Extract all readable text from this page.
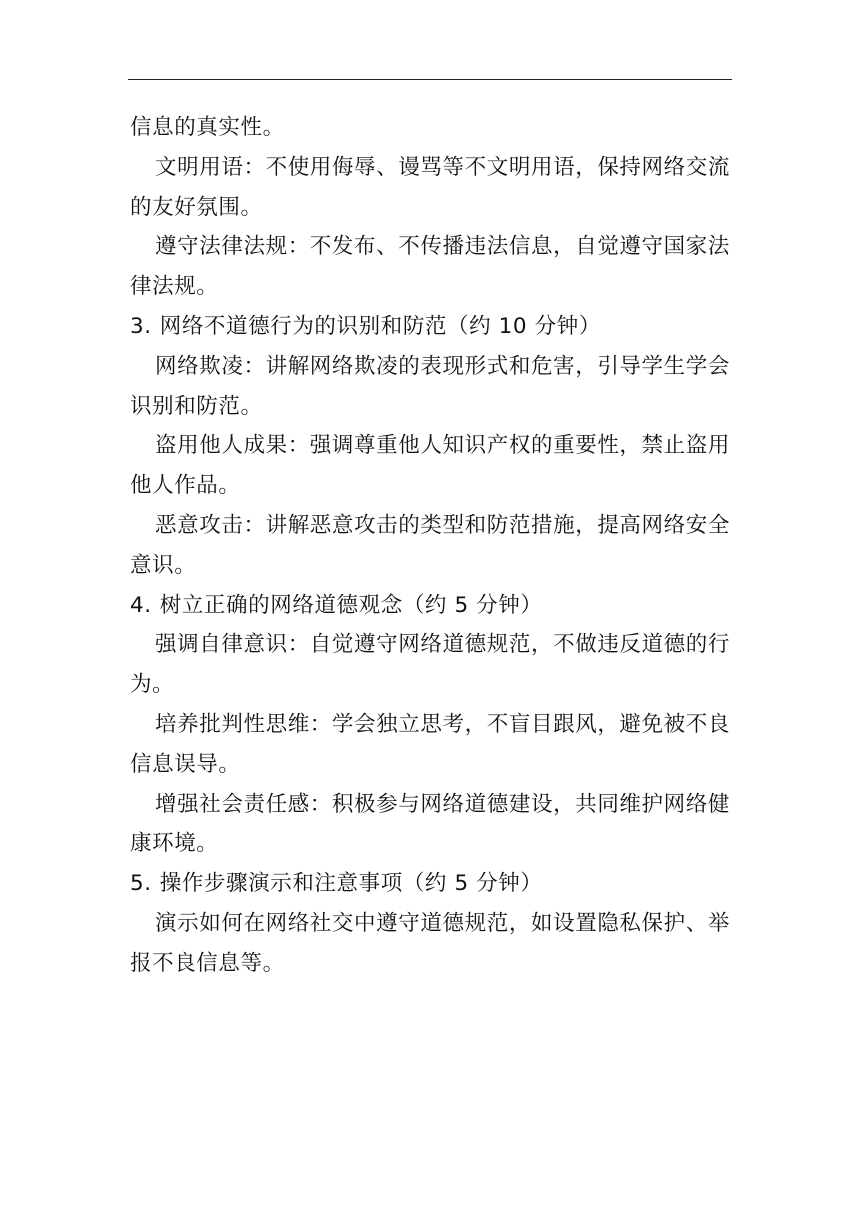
信息的真实性。

文明用语：不使用侮辱、谩骂等不文明用语，保持网络交流的友好氛围。

遵守法律法规：不发布、不传播违法信息，自觉遵守国家法律法规。

3. 网络不道德行为的识别和防范（约 10 分钟）

网络欺凌：讲解网络欺凌的表现形式和危害，引导学生学会识别和防范。

盗用他人成果：强调尊重他人知识产权的重要性，禁止盗用他人作品。

恶意攻击：讲解恶意攻击的类型和防范措施，提高网络安全意识。

4. 树立正确的网络道德观念（约 5 分钟）

强调自律意识：自觉遵守网络道德规范，不做违反道德的行为。

培养批判性思维：学会独立思考，不盲目跟风，避免被不良信息误导。

增强社会责任感：积极参与网络道德建设，共同维护网络健康环境。

5. 操作步骤演示和注意事项（约 5 分钟）

演示如何在网络社交中遵守道德规范，如设置隐私保护、举报不良信息等。
